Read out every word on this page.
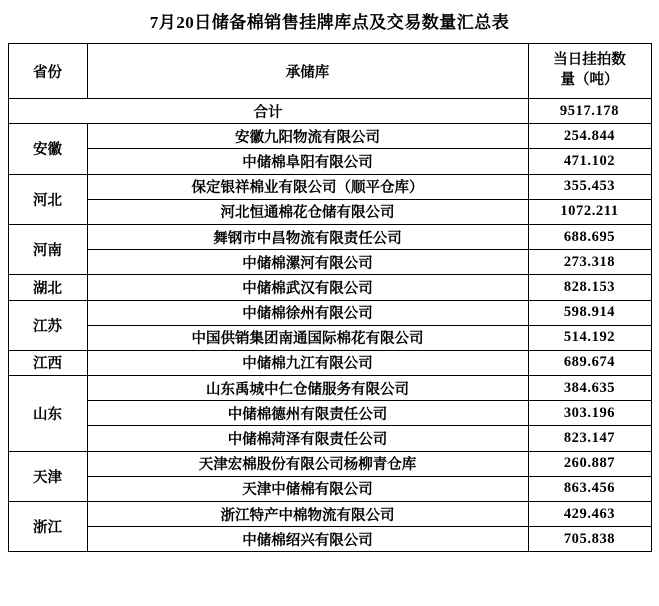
7月20日储备棉销售挂牌库点及交易数量汇总表
省份	承储库	当日挂拍数
量（吨）

合计		9517.178
安徽	安徽九阳物流有限公司	254.844
	中储棉阜阳有限公司	471.102
河北	保定银祥棉业有限公司（顺平仓库）	355.453
	河北恒通棉花仓储有限公司	1072.211
河南	舞钢市中昌物流有限责任公司	688.695
	中储棉漯河有限公司	273.318
湖北	中储棉武汉有限公司	828.153
江苏	中储棉徐州有限公司	598.914
	中国供销集团南通国际棉花有限公司	514.192
江西	中储棉九江有限公司	689.674
山东	山东禹城中仁仓储服务有限公司	384.635
	中储棉德州有限责任公司	303.196
	中储棉菏泽有限责任公司	823.147
天津	天津宏棉股份有限公司杨柳青仓库	260.887
	天津中储棉有限公司	863.456
浙江	浙江特产中棉物流有限公司	429.463
	中储棉绍兴有限公司	705.838
